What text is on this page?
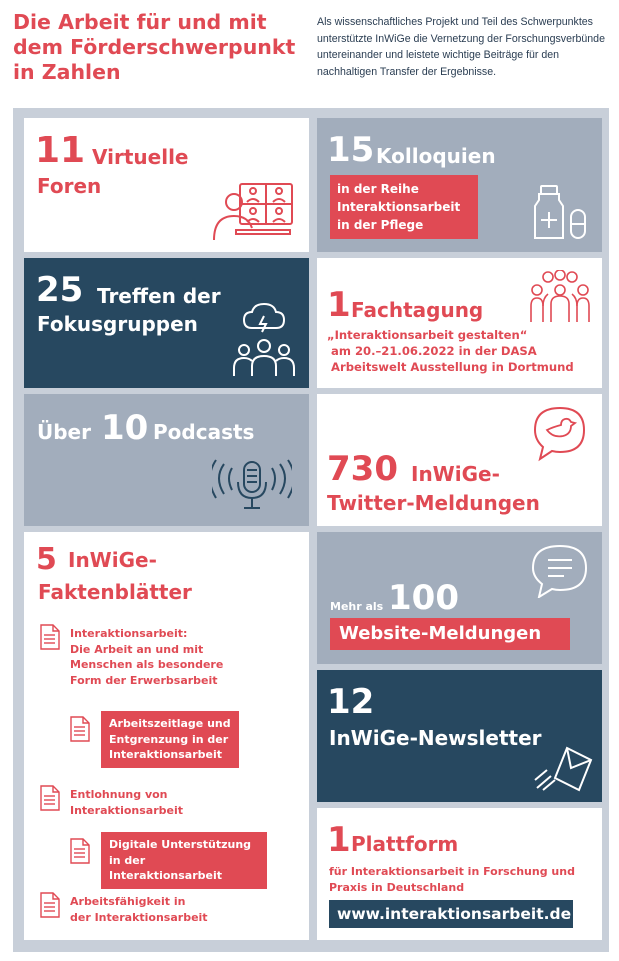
Die Arbeit für und mit dem Förderschwerpunkt in Zahlen
Als wissenschaftliches Projekt und Teil des Schwerpunktes unterstützte InWiGe die Vernetzung der Forschungsverbünde untereinander und leistete wichtige Beiträge für den nachhaltigen Transfer der Ergebnisse.
11 Virtuelle
Foren
15 Kolloquien
in der Reihe
Interaktionsarbeit
in der Pflege
25 Treffen der
Fokusgruppen	1 Fachtagung
„Interaktionsarbeit gestalten“
am 20.–21.06.2022 in der DASA
Arbeitswelt Ausstellung in Dortmund
Über 10 Podcasts
730 InWiGe-
Twitter-Meldungen
5 InWiGe-
Faktenblätter
Interaktionsarbeit:
Die Arbeit an und mit
Menschen als besondere
Form der Erwerbsarbeit
Arbeitszeitlage und
Entgrenzung in der
Interaktionsarbeit
Entlohnung von
Interaktionsarbeit
Digitale Unterstützung
in der Interaktionsarbeit
Arbeitsfähigkeit in
der Interaktionsarbeit
Mehr als 100
Website-Meldungen
12
InWiGe-Newsletter
1 Plattform
für Interaktionsarbeit in Forschung und
Praxis in Deutschland
www.interaktionsarbeit.de
